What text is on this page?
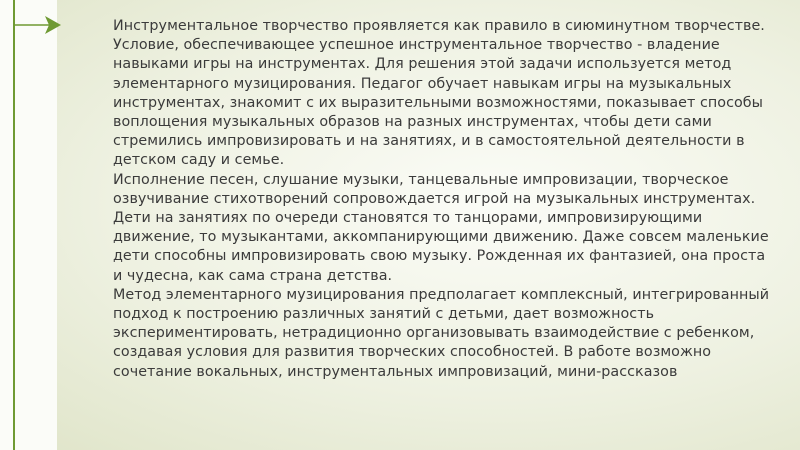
Инструментальное творчество проявляется как правило в сиюминутном творчестве. Условие, обеспечивающее успешное инструментальное творчество - владение навыками игры на инструментах. Для решения этой задачи используется метод элементарного музицирования. Педагог обучает навыкам игры на музыкальных инструментах, знакомит с их выразительными возможностями, показывает способы воплощения музыкальных образов на разных инструментах, чтобы дети сами стремились импровизировать и на занятиях, и в самостоятельной деятельности в детском саду и семье.

Исполнение песен, слушание музыки, танцевальные импровизации, творческое озвучивание стихотворений сопровождается игрой на музыкальных инструментах. Дети на занятиях по очереди становятся то танцорами, импровизирующими движение, то музыкантами, аккомпанирующими движению. Даже совсем маленькие дети способны импровизировать свою музыку. Рожденная их фантазией, она проста и чудесна, как сама страна детства.

Метод элементарного музицирования предполагает комплексный, интегрированный подход к построению различных занятий с детьми, дает возможность экспериментировать, нетрадиционно организовывать взаимодействие с ребенком, создавая условия для развития творческих способностей. В работе возможно сочетание вокальных, инструментальных импровизаций, мини-рассказов
